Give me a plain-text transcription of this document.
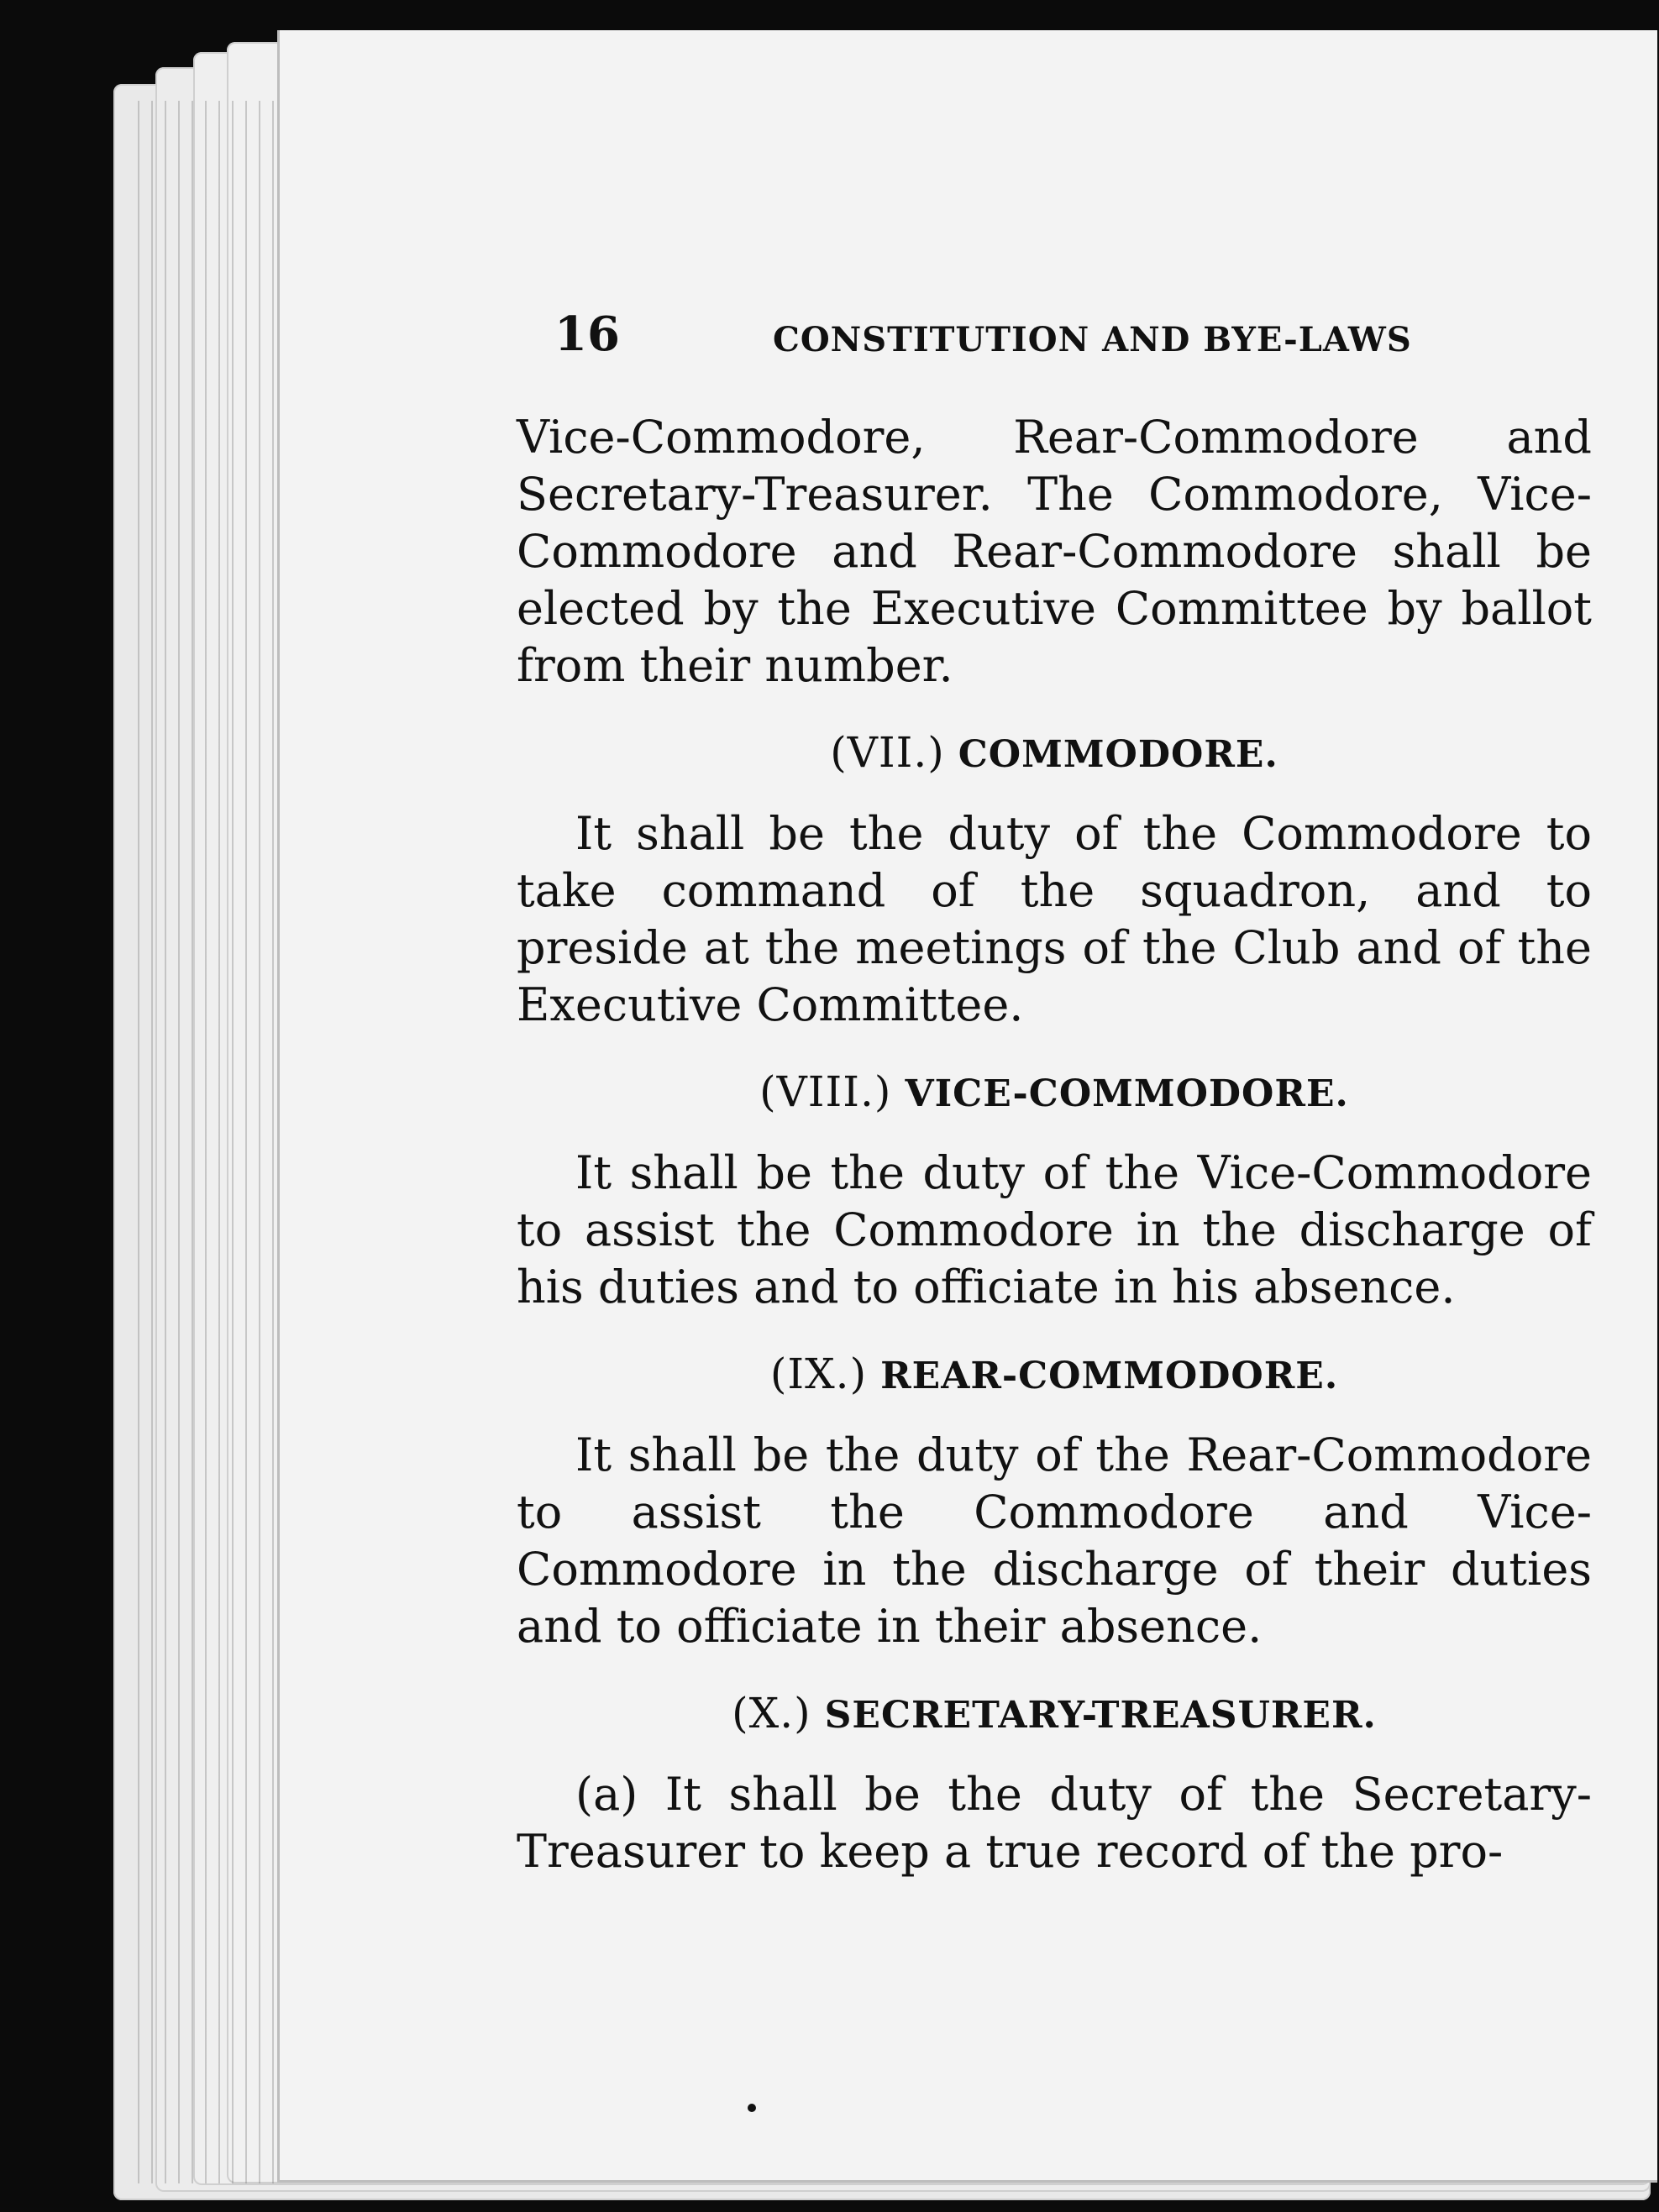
16	CONSTITUTION AND BYE-LAWS

Vice-Commodore, Rear-Commodore and Secretary-Treasurer. The Commodore, Vice-Commodore and Rear-Commodore shall be elected by the Executive Committee by ballot from their number.

(VII.) COMMODORE.

It shall be the duty of the Commodore to take command of the squadron, and to preside at the meetings of the Club and of the Executive Committee.

(VIII.) VICE-COMMODORE.

It shall be the duty of the Vice-Commodore to assist the Commodore in the discharge of his duties and to officiate in his absence.

(IX.) REAR-COMMODORE.

It shall be the duty of the Rear-Commodore to assist the Commodore and Vice-Commodore in the discharge of their duties and to officiate in their absence.

(X.) SECRETARY-TREASURER.

(a) It shall be the duty of the Secretary-Treasurer to keep a true record of the pro-
